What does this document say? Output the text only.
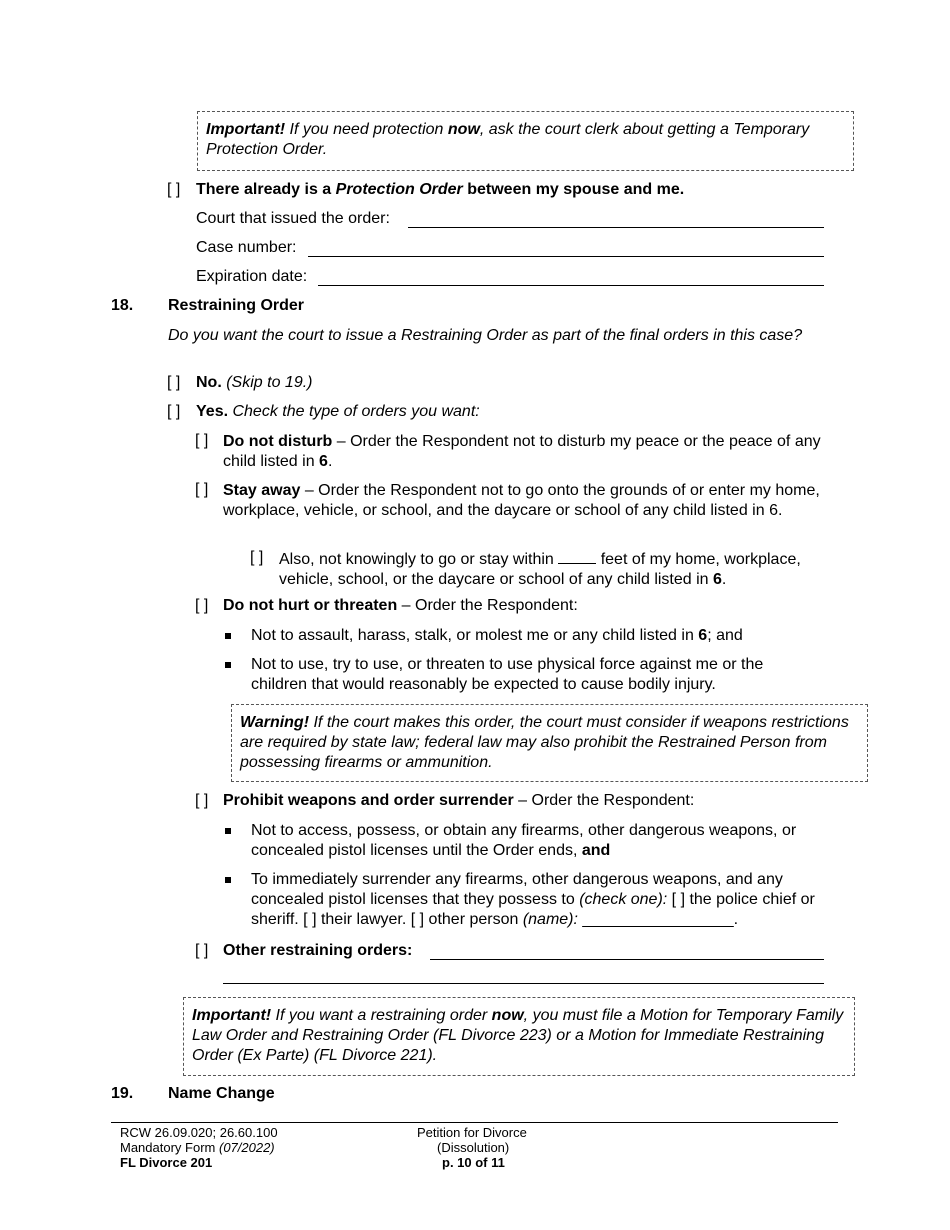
Important! If you need protection now, ask the court clerk about getting a Temporary Protection Order.
[ ] There already is a Protection Order between my spouse and me.
Court that issued the order:
Case number:
Expiration date:
18. Restraining Order
Do you want the court to issue a Restraining Order as part of the final orders in this case?
[ ] No. (Skip to 19.)
[ ] Yes. Check the type of orders you want:
[ ] Do not disturb – Order the Respondent not to disturb my peace or the peace of any child listed in 6.
[ ] Stay away – Order the Respondent not to go onto the grounds of or enter my home, workplace, vehicle, or school, and the daycare or school of any child listed in 6.
[ ] Also, not knowingly to go or stay within  feet of my home, workplace, vehicle, school, or the daycare or school of any child listed in 6.
[ ] Do not hurt or threaten – Order the Respondent:
Not to assault, harass, stalk, or molest me or any child listed in 6; and
Not to use, try to use, or threaten to use physical force against me or the children that would reasonably be expected to cause bodily injury.
Warning! If the court makes this order, the court must consider if weapons restrictions are required by state law; federal law may also prohibit the Restrained Person from possessing firearms or ammunition.
[ ] Prohibit weapons and order surrender – Order the Respondent:
Not to access, possess, or obtain any firearms, other dangerous weapons, or concealed pistol licenses until the Order ends, and
To immediately surrender any firearms, other dangerous weapons, and any concealed pistol licenses that they possess to (check one): [ ] the police chief or sheriff. [ ] their lawyer. [ ] other person (name): _________________.
[ ] Other restraining orders:
Important! If you want a restraining order now, you must file a Motion for Temporary Family Law Order and Restraining Order (FL Divorce 223) or a Motion for Immediate Restraining Order (Ex Parte) (FL Divorce 221).
19. Name Change
RCW 26.09.020; 26.60.100
Mandatory Form (07/2022)
FL Divorce 201
Petition for Divorce
(Dissolution)
p. 10 of 11
